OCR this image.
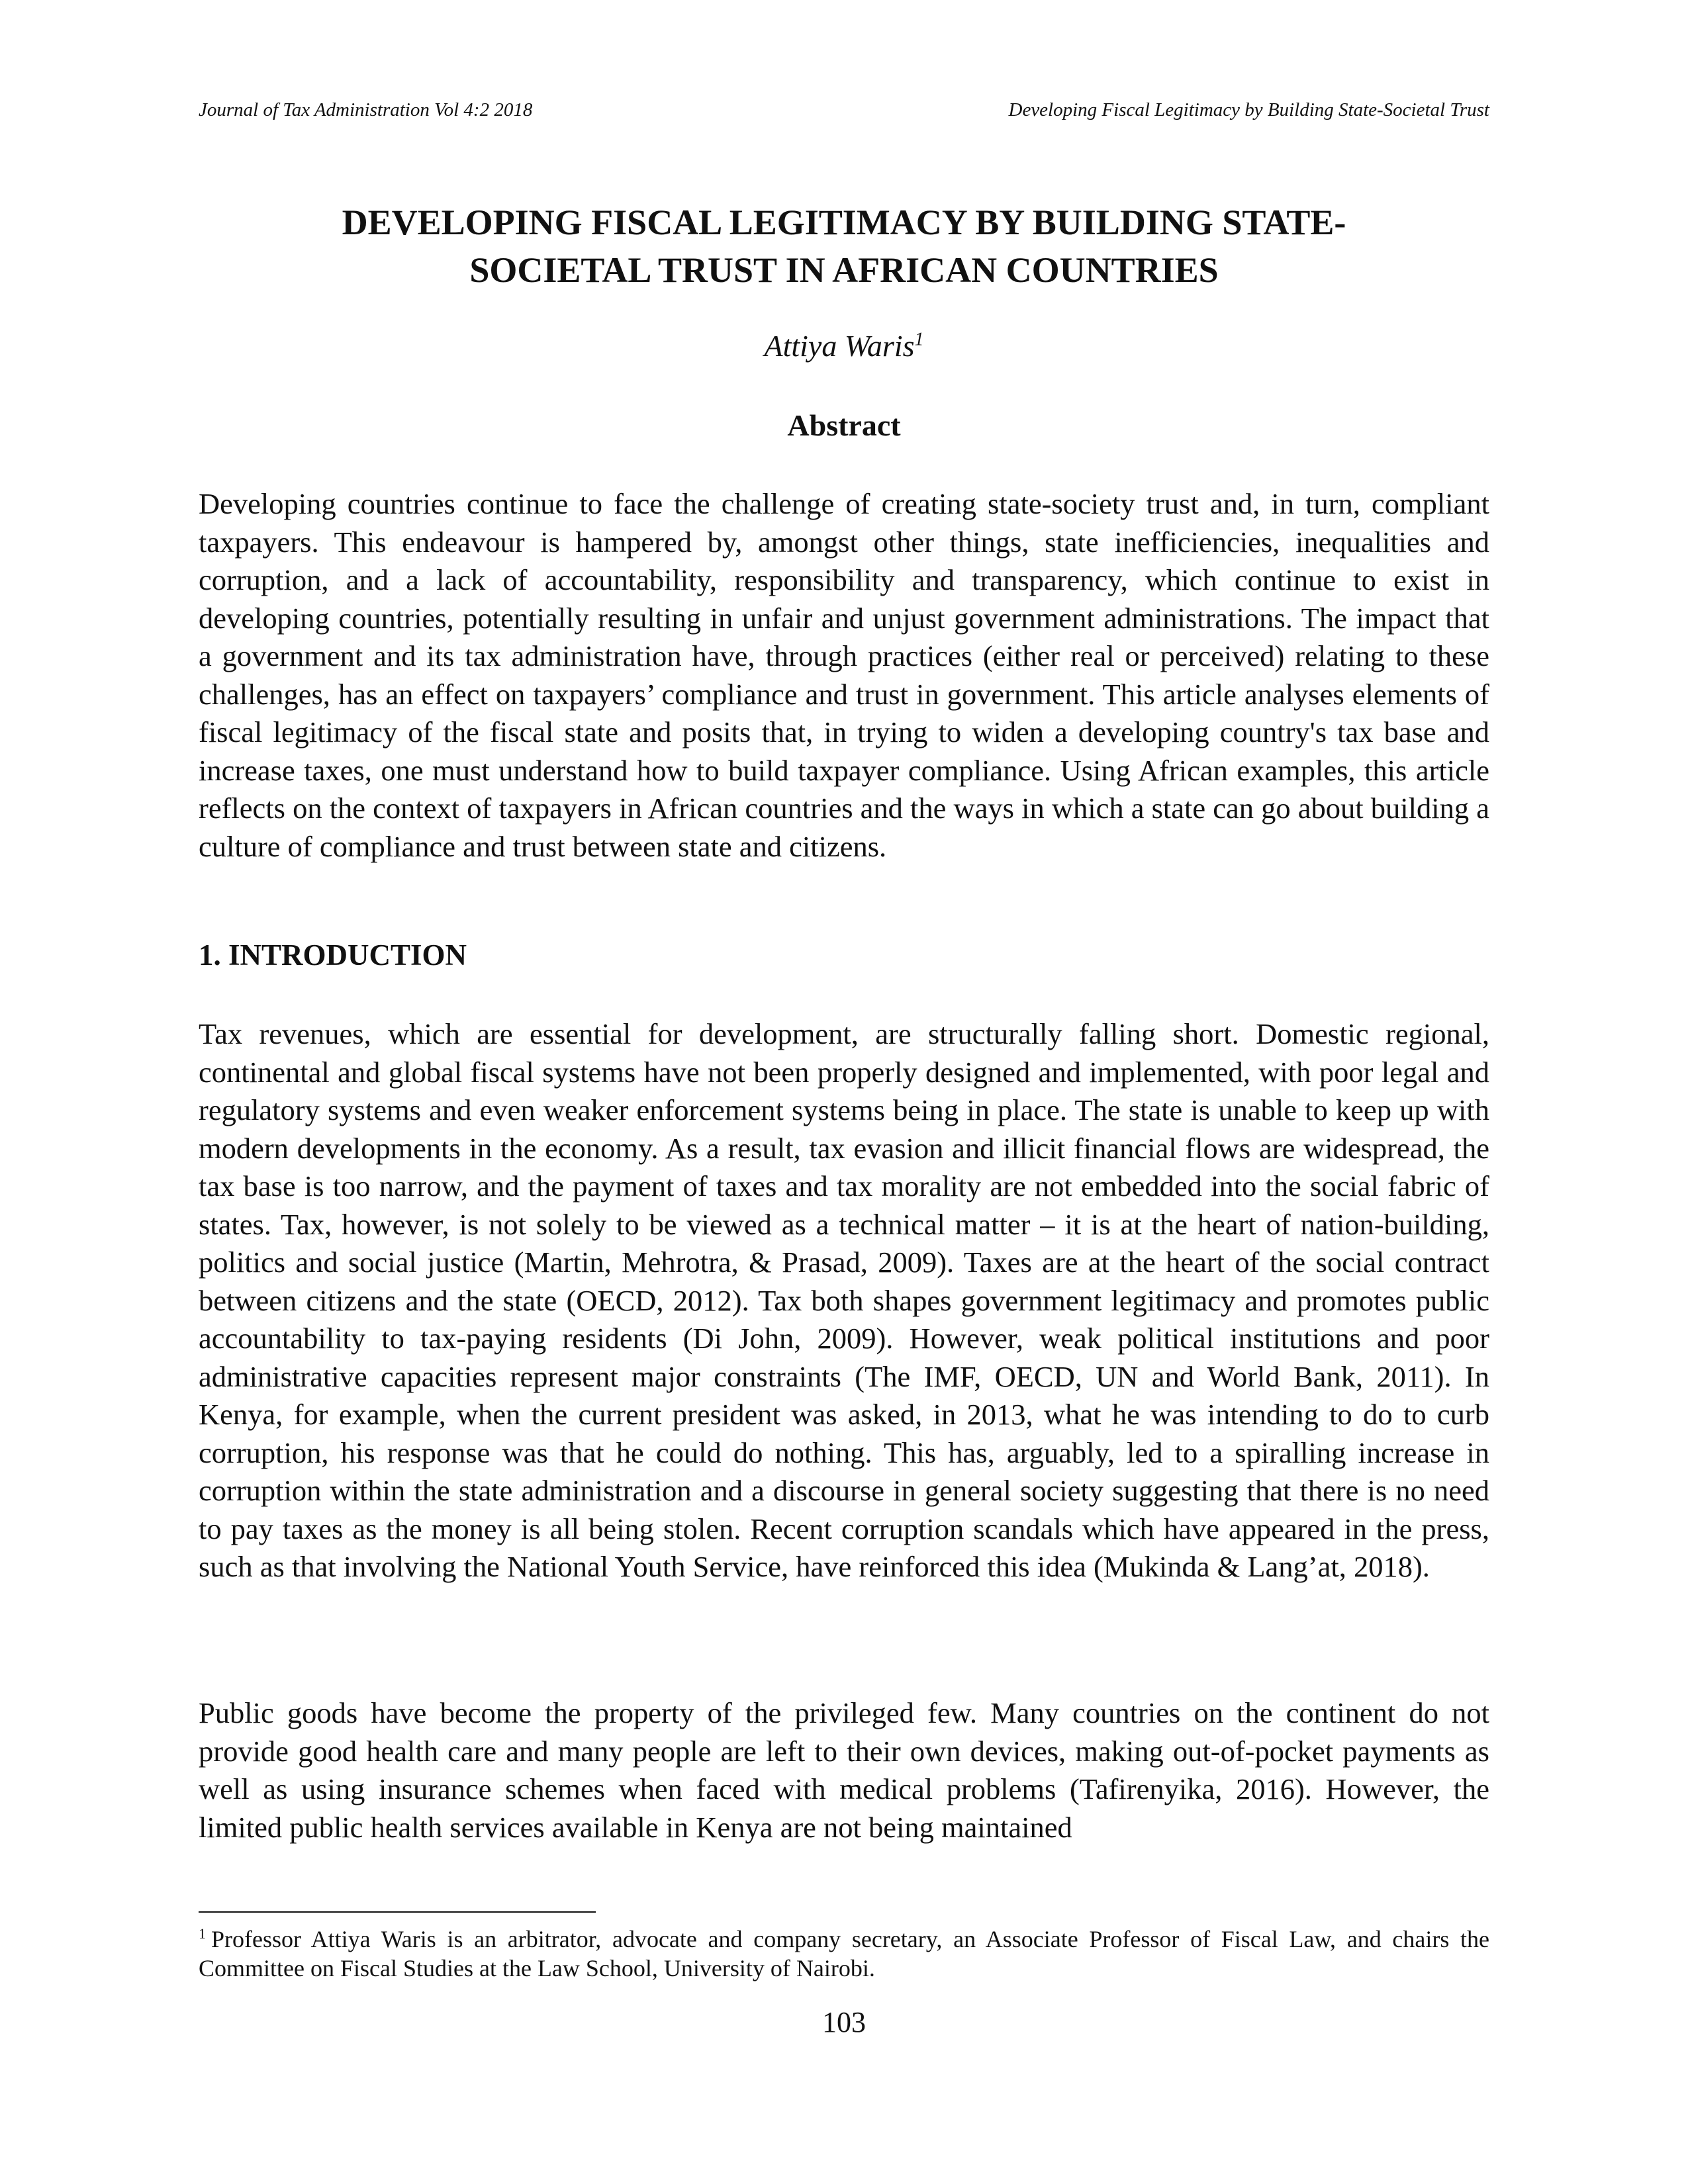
Journal of Tax Administration Vol 4:2 2018	Developing Fiscal Legitimacy by Building State-Societal Trust
DEVELOPING FISCAL LEGITIMACY BY BUILDING STATE-
SOCIETAL TRUST IN AFRICAN COUNTRIES
Attiya Waris$^1$
Abstract

Developing countries continue to face the challenge of creating state-society trust and, in turn, compliant taxpayers. This endeavour is hampered by, amongst other things, state inefficiencies, inequalities and corruption, and a lack of accountability, responsibility and transparency, which continue to exist in developing countries, potentially resulting in unfair and unjust government administrations. The impact that a government and its tax administration have, through practices (either real or perceived) relating to these challenges, has an effect on taxpayers’ compliance and trust in government. This article analyses elements of fiscal legitimacy of the fiscal state and posits that, in trying to widen a developing country's tax base and increase taxes, one must understand how to build taxpayer compliance. Using African examples, this article reflects on the context of taxpayers in African countries and the ways in which a state can go about building a culture of compliance and trust between state and citizens.

1. INTRODUCTION

Tax revenues, which are essential for development, are structurally falling short. Domestic regional, continental and global fiscal systems have not been properly designed and implemented, with poor legal and regulatory systems and even weaker enforcement systems being in place. The state is unable to keep up with modern developments in the economy. As a result, tax evasion and illicit financial flows are widespread, the tax base is too narrow, and the payment of taxes and tax morality are not embedded into the social fabric of states. Tax, however, is not solely to be viewed as a technical matter – it is at the heart of nation-building, politics and social justice (Martin, Mehrotra, & Prasad, 2009). Taxes are at the heart of the social contract between citizens and the state (OECD, 2012). Tax both shapes government legitimacy and promotes public accountability to tax-paying residents (Di John, 2009). However, weak political institutions and poor administrative capacities represent major constraints (The IMF, OECD, UN and World Bank, 2011). In Kenya, for example, when the current president was asked, in 2013, what he was intending to do to curb corruption, his response was that he could do nothing. This has, arguably, led to a spiralling increase in corruption within the state administration and a discourse in general society suggesting that there is no need to pay taxes as the money is all being stolen. Recent corruption scandals which have appeared in the press, such as that involving the National Youth Service, have reinforced this idea (Mukinda & Lang’at, 2018).

Public goods have become the property of the privileged few. Many countries on the continent do not provide good health care and many people are left to their own devices, making out-of-pocket payments as well as using insurance schemes when faced with medical problems (Tafirenyika, 2016). However, the limited public health services available in Kenya are not being maintained

$^1$ Professor Attiya Waris is an arbitrator, advocate and company secretary, an Associate Professor of Fiscal Law, and chairs the Committee on Fiscal Studies at the Law School, University of Nairobi.
103
